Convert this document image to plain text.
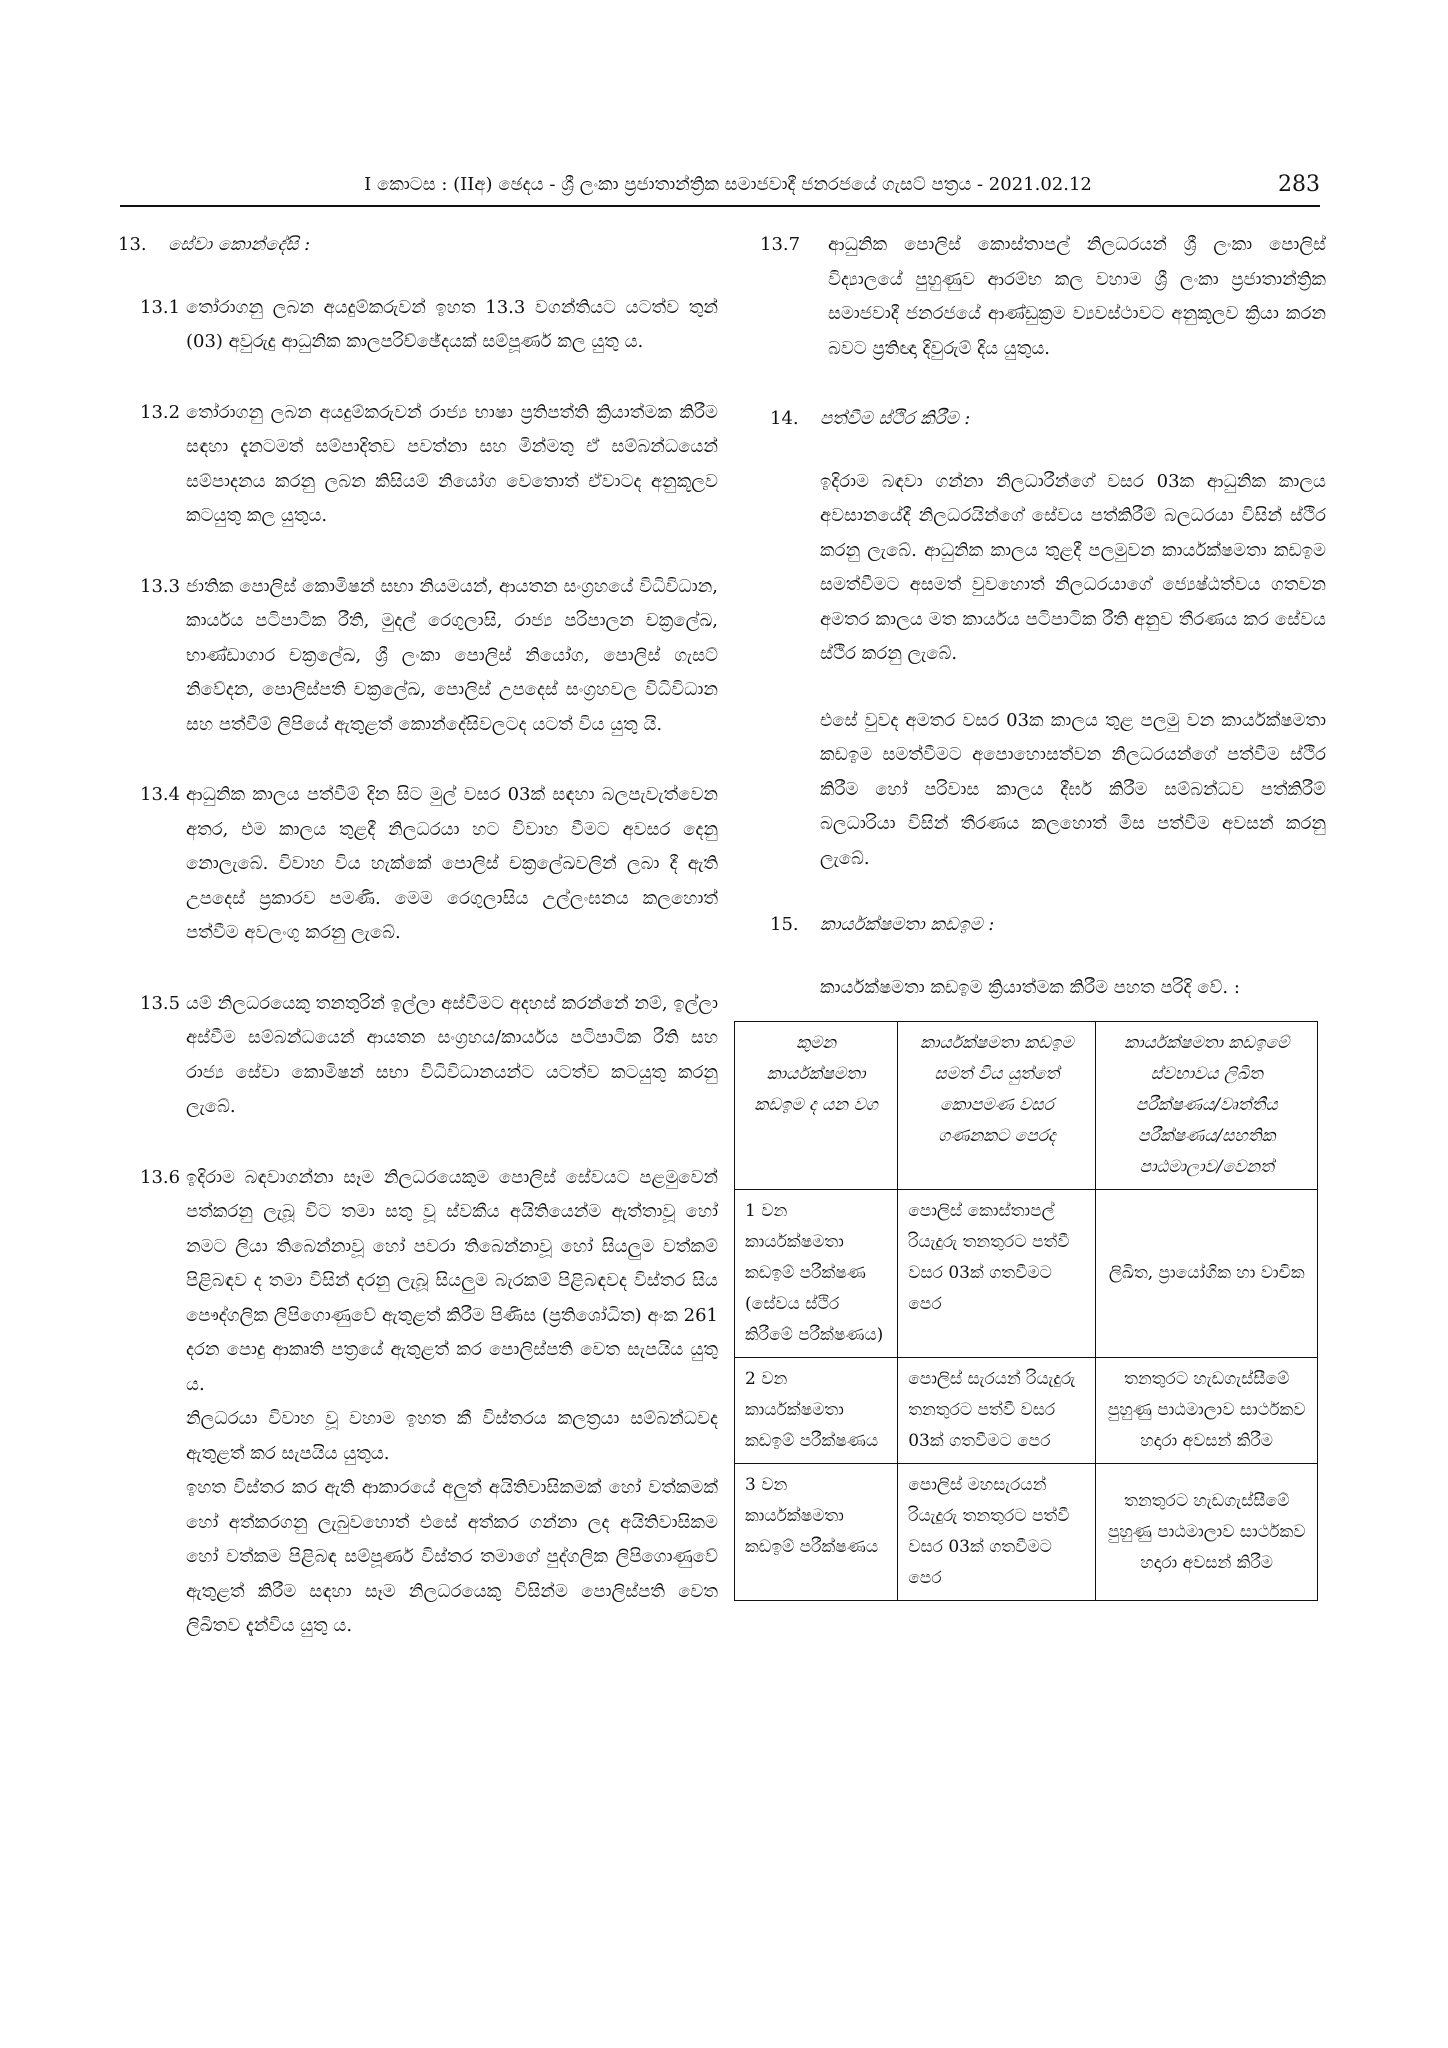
I කොටස : (IIඅ) ඡෙදය - ශ්‍රී ලංකා ප්‍රජාතාන්ත්‍රික සමාජවාදී ජනරජයේ ගැසට් පත්‍රය - 2021.02.12	283
13. සේවා කොන්දේසි :
13.1 තෝරාගනු ලබන අයදුම්කරුවන් ඉහත 13.3 වගන්තියට යටත්ව තුන් (03) අවුරුදු ආධුනික කාලපරිච්ඡේදයක් සම්පූර්ණ කල යුතු ය.

13.2 තෝරාගනු ලබන අයදුම්කරුවන් රාජ්‍ය භාෂා ප්‍රතිපත්ති ක්‍රියාත්මක කිරීම සඳහා දැනටමත් සම්පාදිතව පවත්නා සහ මින්මතු ඒ සම්බන්ධයෙන් සම්පාදනය කරනු ලබන කිසියම් නියෝග වෙතොත් ඒවාටද අනුකූලව කටයුතු කල යුතුය.

13.3 ජාතික පොලිස් කොමිෂන් සභා නියමයන්, ආයතන සංග්‍රහයේ විධිවිධාන, කාර්යය පටිපාටික රීති, මුදල් රෙගුලාසි, රාජ්‍ය පරිපාලන චක්‍රලේඛ, භාණ්ඩාගාර චක්‍රලේඛ, ශ්‍රී ලංකා පොලිස් නියෝග, පොලිස් ගැසට් නිවේදන, පොලිස්පති චක්‍රලේඛ, පොලිස් උපදෙස් සංග්‍රහවල විධිවිධාන සහ පත්වීම් ලිපියේ ඇතුළත් කොන්දේසිවලටද යටත් විය යුතු යි.

13.4 ආධුනික කාලය පත්වීම් දින සිට මුල් වසර 03ක් සඳහා බලපැවැත්වෙන අතර, එම කාලය තුළදී නිලධරයා හට විවාහ වීමට අවසර දෙනු නොලැබේ. විවාහ විය හැක්කේ පොලිස් චක්‍රලේඛවලින් ලබා දී ඇති උපදෙස් ප්‍රකාරව පමණි. මෙම රෙගුලාසිය උල්ලංඝනය කලහොත් පත්වීම අවලංගු කරනු ලැබේ.

13.5 යම් නිලධරයෙකු තනතුරින් ඉල්ලා අස්වීමට අදහස් කරන්නේ නම්, ඉල්ලා අස්වීම සම්බන්ධයෙන් ආයතන සංග්‍රහය/කාර්යය පටිපාටික රීති සහ රාජ්‍ය සේවා කොමිෂන් සභා විධිවිධානයන්ට යටත්ව කටයුතු කරනු ලැබේ.

13.6 ඉදිරාම බඳවාගන්නා සෑම නිලධරයෙකුම පොලිස් සේවයට පළමුවෙන් පත්කරනු ලැබූ විට තමා සතු වූ ස්වකීය අයිතියෙන්ම ඇත්තාවූ හෝ නමට ලියා තිබෙන්නාවූ හෝ පවරා තිබෙන්නාවූ හෝ සියලුම වත්කම් පිළිබඳව ද තමා විසින් දරනු ලැබූ සියලුම බැරකම් පිළිබඳවද විස්තර සිය පෞද්ගලික ලිපිගොණුවේ ඇතුළත් කිරීම පිණිස (ප්‍රතිශෝධිත) අංක 261 දරන පොදු ආකෘති පත්‍රයේ ඇතුළත් කර පොලිස්පති වෙත සැපයිය යුතු ය.

නිලධරයා විවාහ වූ වහාම ඉහත කී විස්තරය කලත්‍රයා සම්බන්ධවද ඇතුළත් කර සැපයිය යුතුය.

ඉහත විස්තර කර ඇති ආකාරයේ අලුත් අයිතිවාසිකමක් හෝ වත්කමක් හෝ අත්කරගනු ලැබුවහොත් එසේ අත්කර ගන්නා ලද අයිතිවාසිකම හෝ වත්කම පිළිබඳ සම්පූර්ණ විස්තර තමාගේ පුද්ගලික ලිපිගොණුවේ ඇතුළත් කිරීම සඳහා සෑම නිලධරයෙකු විසින්ම පොලිස්පති වෙත ලිඛිතව දැන්විය යුතු ය.

13.7 ආධුනික පොලිස් කොස්තාපල් නිලධරයන් ශ්‍රී ලංකා පොලිස් විද්‍යාලයේ පුහුණුව ආරම්භ කල වහාම ශ්‍රී ලංකා ප්‍රජාතාන්ත්‍රික සමාජවාදී ජනරජයේ ආණ්ඩුක්‍රම ව්‍යවස්ථාවට අනුකූලව ක්‍රියා කරන බවට ප්‍රතිඥා දිවුරුම් දිය යුතුය.

14. පත්වීම ස්ථිර කිරීම :

ඉදිරාම බඳවා ගන්නා නිලධාරීන්ගේ වසර 03ක ආධුනික කාලය අවසානයේදී නිලධරයින්ගේ සේවය පත්කිරීම් බලධරයා විසින් ස්ථිර කරනු ලැබේ. ආධුනික කාලය තුළදී පලමුවන කාර්යක්ෂමතා කඩඉම සමත්වීමට අසමත් වුවහොත් නිලධරයාගේ ජ්‍යෙෂ්ඨත්වය ගතවන අමතර කාලය මත කාර්යය පටිපාටික රීති අනුව තීරණය කර සේවය ස්ථිර කරනු ලැබේ.

එසේ වුවද අමතර වසර 03ක කාලය තුළ පලමු වන කාර්යක්ෂමතා කඩඉම සමත්වීමට අපොහොසත්වන නිලධරයන්ගේ පත්වීම ස්ථිර කිරීම හෝ පරිවාස කාලය දීර්ඝ කිරීම සම්බන්ධව පත්කිරීම් බලධාරියා විසින් තීරණය කලහොත් මිස පත්වීම අවසන් කරනු ලැබේ.

15. කාර්යක්ෂමතා කඩඉම :

කාර්යක්ෂමතා කඩඉම ක්‍රියාත්මක කිරීම පහත පරිදි වේ. :

කුමන කාර්යක්ෂමතා කඩඉම ද යන වග	කාර්යක්ෂමතා කඩඉම සමත් විය යුත්තේ කොපමණ වසර ගණනකට පෙරද	කාර්යක්ෂමතා කඩඉමේ ස්වභාවය ලිඛිත පරීක්ෂණය/වෘත්තීය පරීක්ෂණය/සහතික පාඨමාලාව/වෙනත්
1 වන කාර්යක්ෂමතා කඩඉම් පරීක්ෂණ (සේවය ස්ථිර කිරීමේ පරීක්ෂණය)	පොලිස් කොස්තාපල් රියැදුරු තනතුරට පත්වී වසර 03ක් ගතවීමට පෙර	ලිඛිත, ප්‍රායෝගික හා වාචික
2 වන කාර්යක්ෂමතා කඩඉම් පරීක්ෂණය	පොලිස් සැරයන් රියැදුරු තනතුරට පත්වී වසර 03ක් ගතවීමට පෙර	තනතුරට හැඩගැස්සීමේ පුහුණු පාඨමාලාව සාර්ථකව හදාරා අවසන් කිරීම
3 වන කාර්යක්ෂමතා කඩඉම් පරීක්ෂණය	පොලිස් මහසැරයන් රියැදුරු තනතුරට පත්වී වසර 03ක් ගතවීමට පෙර	තනතුරට හැඩගැස්සීමේ පුහුණු පාඨමාලාව සාර්ථකව හදාරා අවසන් කිරීම
